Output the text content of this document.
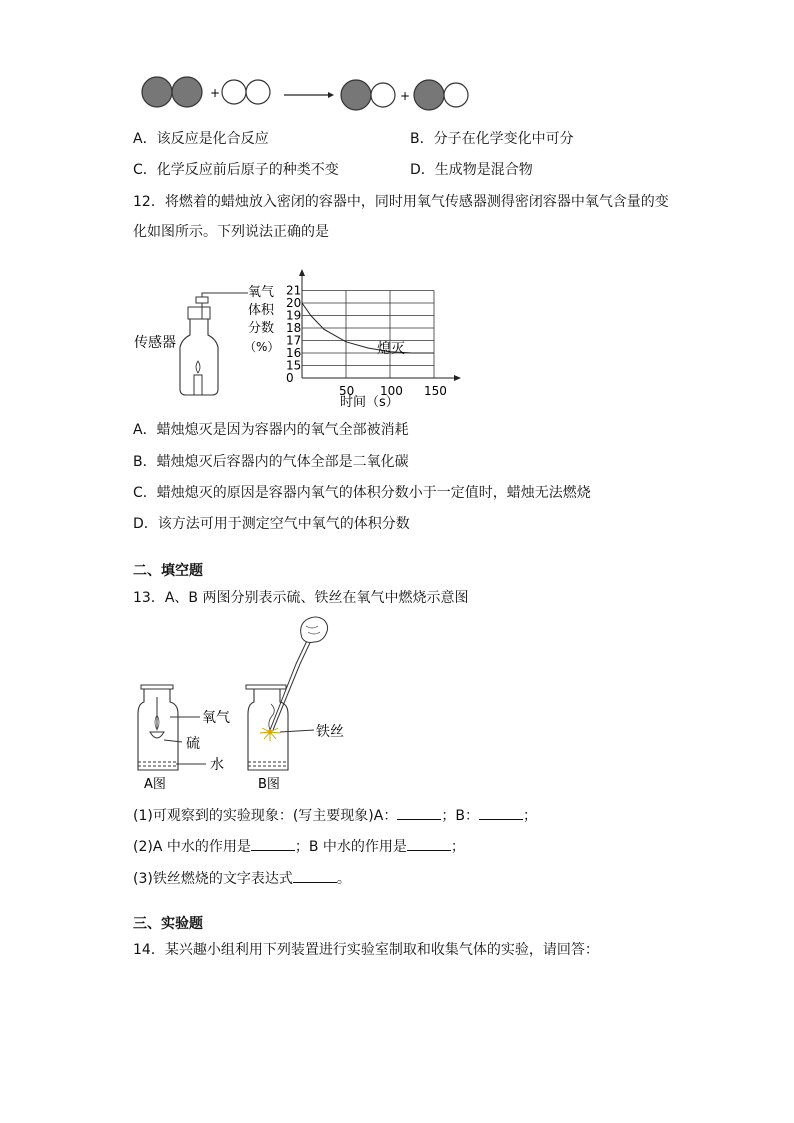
+	+
A．该反应是化合反应	B．分子在化学变化中可分
C．化学反应前后原子的种类不变	D．生成物是混合物
12．将燃着的蜡烛放入密闭的容器中，同时用氧气传感器测得密闭容器中氧气含量的变
化如图所示。下列说法正确的是
传感器
氧气
体积
分数
（%）
0
15
16
17
18
19
20
21
50 100 150
熄灭
时间（s）
A．蜡烛熄灭是因为容器内的氧气全部被消耗
B．蜡烛熄灭后容器内的气体全部是二氧化碳
C．蜡烛熄灭的原因是容器内氧气的体积分数小于一定值时，蜡烛无法燃烧
D．该方法可用于测定空气中氧气的体积分数
二、填空题
13．A、B 两图分别表示硫、铁丝在氧气中燃烧示意图
A图
氧气
硫
水
B图
铁丝
(1)可观察到的实验现象：(写主要现象)A：	；B：	；
(2)A 中水的作用是	；B 中水的作用是	；
(3)铁丝燃烧的文字表达式	。
三、实验题
14．某兴趣小组利用下列装置进行实验室制取和收集气体的实验，请回答：
